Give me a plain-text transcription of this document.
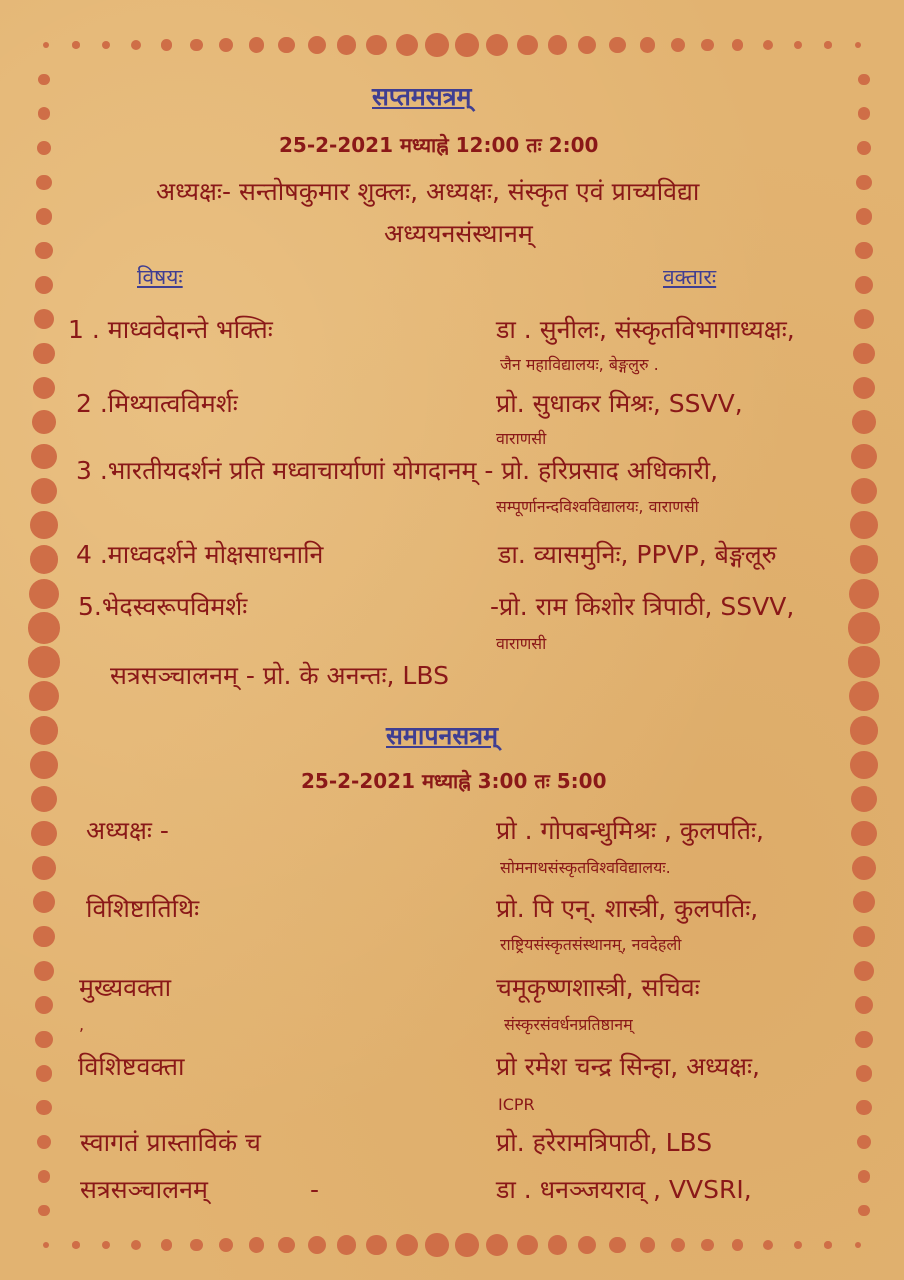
सप्तमसत्रम्
25-2-2021 मध्याह्ने 12:00 तः 2:00
अध्यक्षः- सन्तोषकुमार शुक्लः, अध्यक्षः, संस्कृत एवं प्राच्यविद्या
अध्ययनसंस्थानम्
विषयः	वक्तारः
1 . माध्ववेदान्ते भक्तिः	डा . सुनीलः, संस्कृतविभागाध्यक्षः,
जैन महाविद्यालयः, बेङ्गलुरु .
2 .मिथ्यात्वविमर्शः	प्रो. सुधाकर मिश्रः, SSVV,
वाराणसी
3 .भारतीयदर्शनं प्रति मध्वाचार्याणां योगदानम् - प्रो. हरिप्रसाद अधिकारी,
सम्पूर्णानन्दविश्वविद्यालयः, वाराणसी
4 .माध्वदर्शने मोक्षसाधनानि	डा. व्यासमुनिः, PPVP, बेङ्गलूरु
5.भेदस्वरूपविमर्शः	-प्रो. राम किशोर त्रिपाठी, SSVV,
वाराणसी
सत्रसञ्चालनम् - प्रो. के अनन्तः, LBS
समापनसत्रम्
25-2-2021 मध्याह्ने 3:00 तः 5:00
अध्यक्षः -	प्रो . गोपबन्धुमिश्रः , कुलपतिः,
सोमनाथसंस्कृतविश्वविद्यालयः.
विशिष्टातिथिः	प्रो. पि एन्. शास्त्री, कुलपतिः,
राष्ट्रियसंस्कृतसंस्थानम्, नवदेहली
मुख्यवक्ता	चमूकृष्णशास्त्री, सचिवः
,	संस्कृरसंवर्धनप्रतिष्ठानम्
विशिष्टवक्ता	प्रो रमेश चन्द्र सिन्हा, अध्यक्षः,
ICPR
स्वागतं प्रास्ताविकं च	प्रो. हरेरामत्रिपाठी, LBS
सत्रसञ्चालनम्	-	डा . धनञ्जयराव् , VVSRI,
